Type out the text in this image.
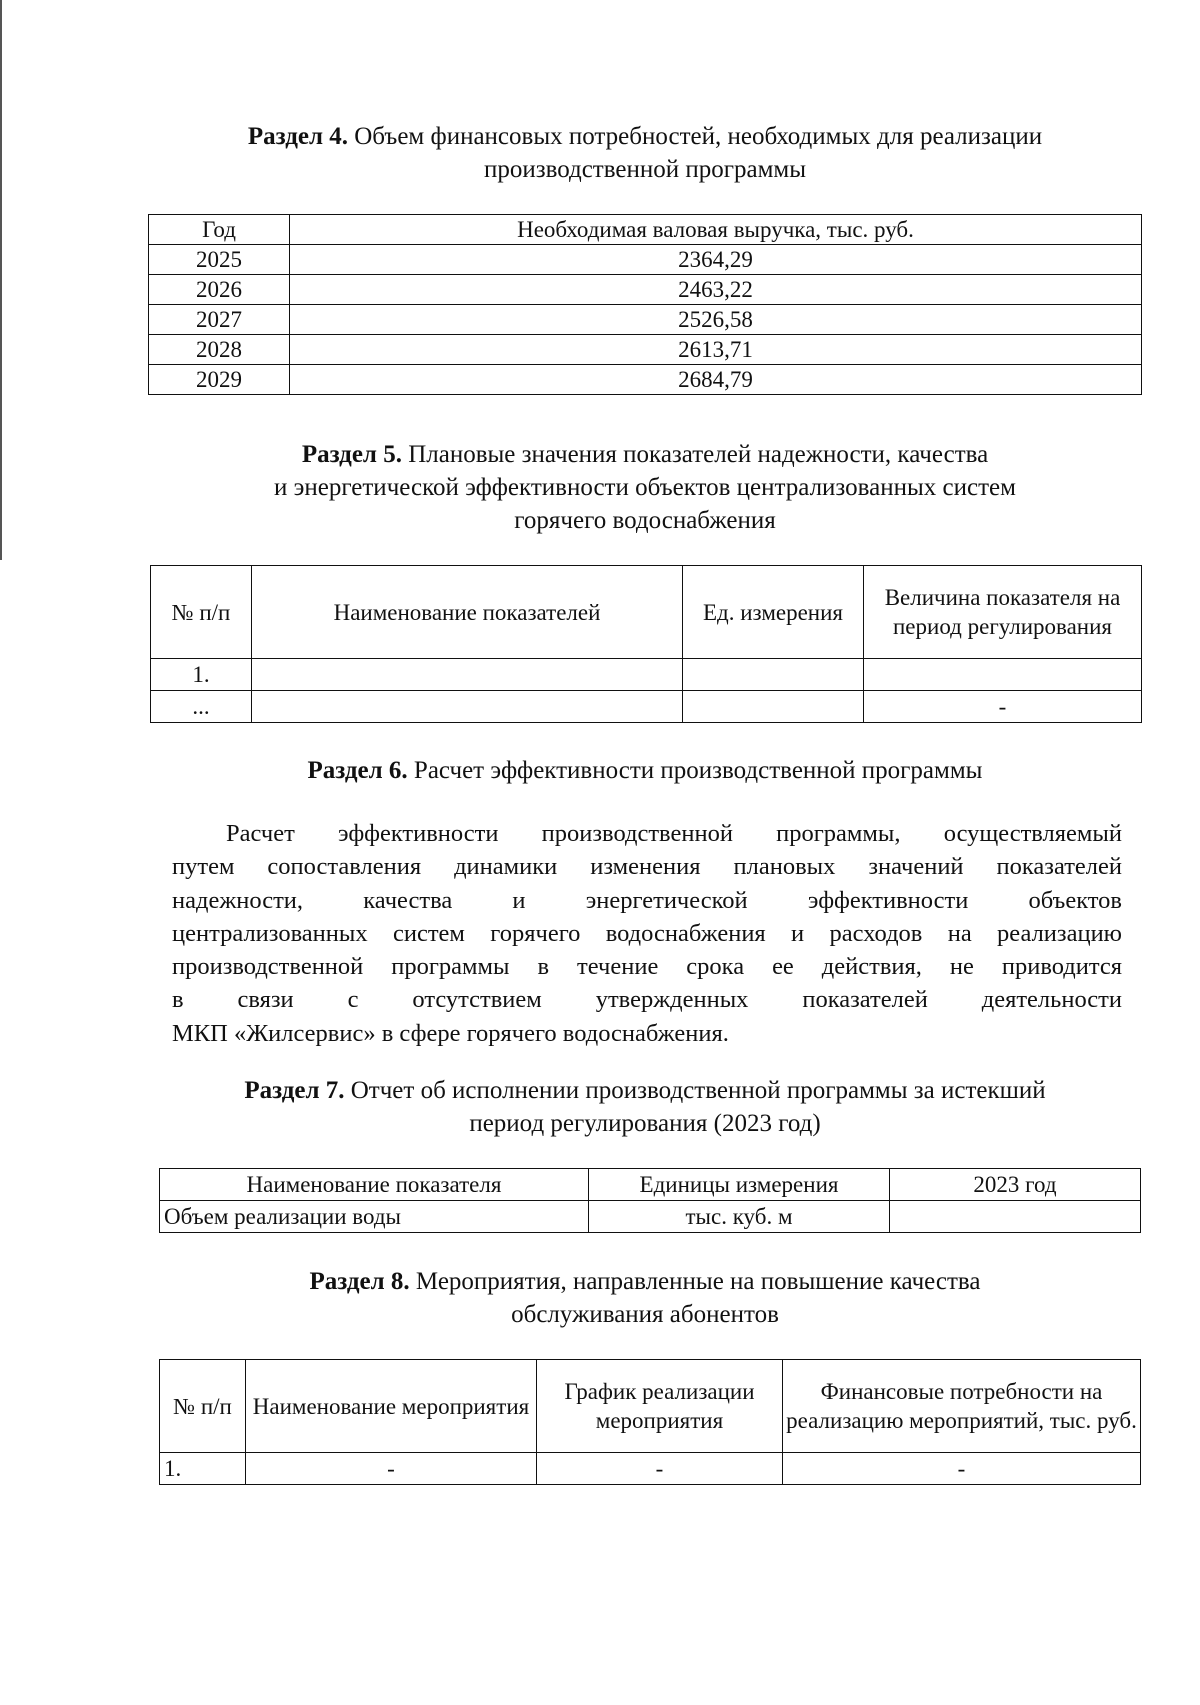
Раздел 4. Объем финансовых потребностей, необходимых для реализации
производственной программы
Год	Необходимая валовая выручка, тыс. руб.
2025	2364,29
2026	2463,22
2027	2526,58
2028	2613,71
2029	2684,79
Раздел 5. Плановые значения показателей надежности, качества
и энергетической эффективности объектов централизованных систем
горячего водоснабжения
№ п/п	Наименование показателей	Ед. измерения	Величина показателя на период регулирования
1.			
...			-
Раздел 6. Расчет эффективности производственной программы
Расчет эффективности производственной программы, осуществляемый
путем сопоставления динамики изменения плановых значений показателей
надежности, качества и энергетической эффективности объектов
централизованных систем горячего водоснабжения и расходов на реализацию
производственной программы в течение срока ее действия, не приводится
в связи с отсутствием утвержденных показателей деятельности
МКП «Жилсервис» в сфере горячего водоснабжения.
Раздел 7. Отчет об исполнении производственной программы за истекший
период регулирования (2023 год)
Наименование показателя	Единицы измерения	2023 год
Объем реализации воды	тыс. куб. м	
Раздел 8. Мероприятия, направленные на повышение качества
обслуживания абонентов
№ п/п	Наименование мероприятия	График реализации мероприятия	Финансовые потребности на реализацию мероприятий, тыс. руб.
1.	-	-	-
